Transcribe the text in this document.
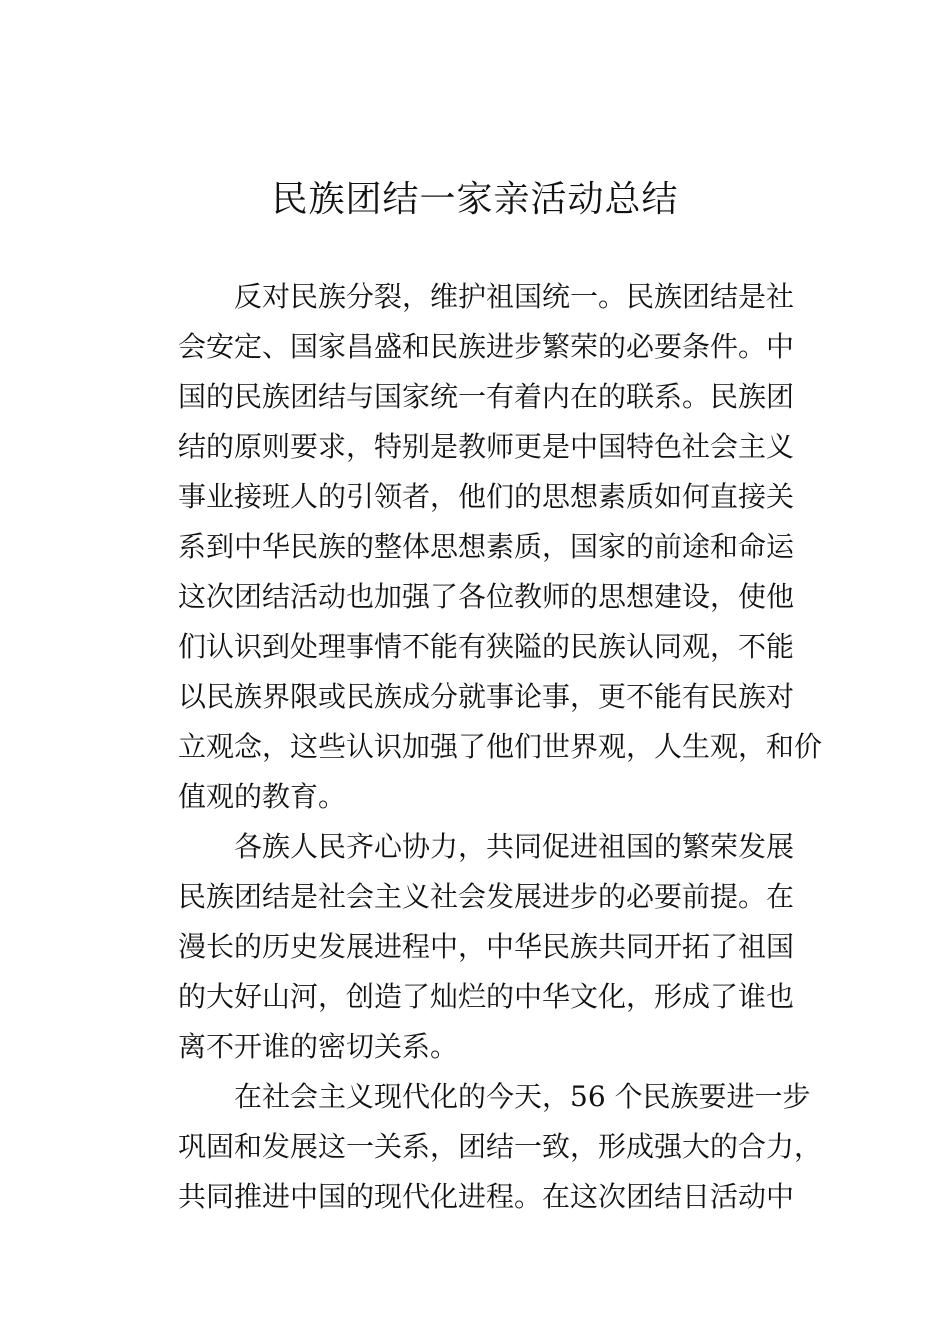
民族团结一家亲活动总结

反对民族分裂，维护祖国统一。民族团结是社
会安定、国家昌盛和民族进步繁荣的必要条件。中
国的民族团结与国家统一有着内在的联系。民族团
结的原则要求，特别是教师更是中国特色社会主义
事业接班人的引领者，他们的思想素质如何直接关
系到中华民族的整体思想素质，国家的前途和命运
这次团结活动也加强了各位教师的思想建设，使他
们认识到处理事情不能有狭隘的民族认同观，不能
以民族界限或民族成分就事论事，更不能有民族对
立观念，这些认识加强了他们世界观，人生观，和价
值观的教育。

各族人民齐心协力，共同促进祖国的繁荣发展
民族团结是社会主义社会发展进步的必要前提。在
漫长的历史发展进程中，中华民族共同开拓了祖国
的大好山河，创造了灿烂的中华文化，形成了谁也
离不开谁的密切关系。

在社会主义现代化的今天，56 个民族要进一步
巩固和发展这一关系，团结一致，形成强大的合力，
共同推进中国的现代化进程。在这次团结日活动中
